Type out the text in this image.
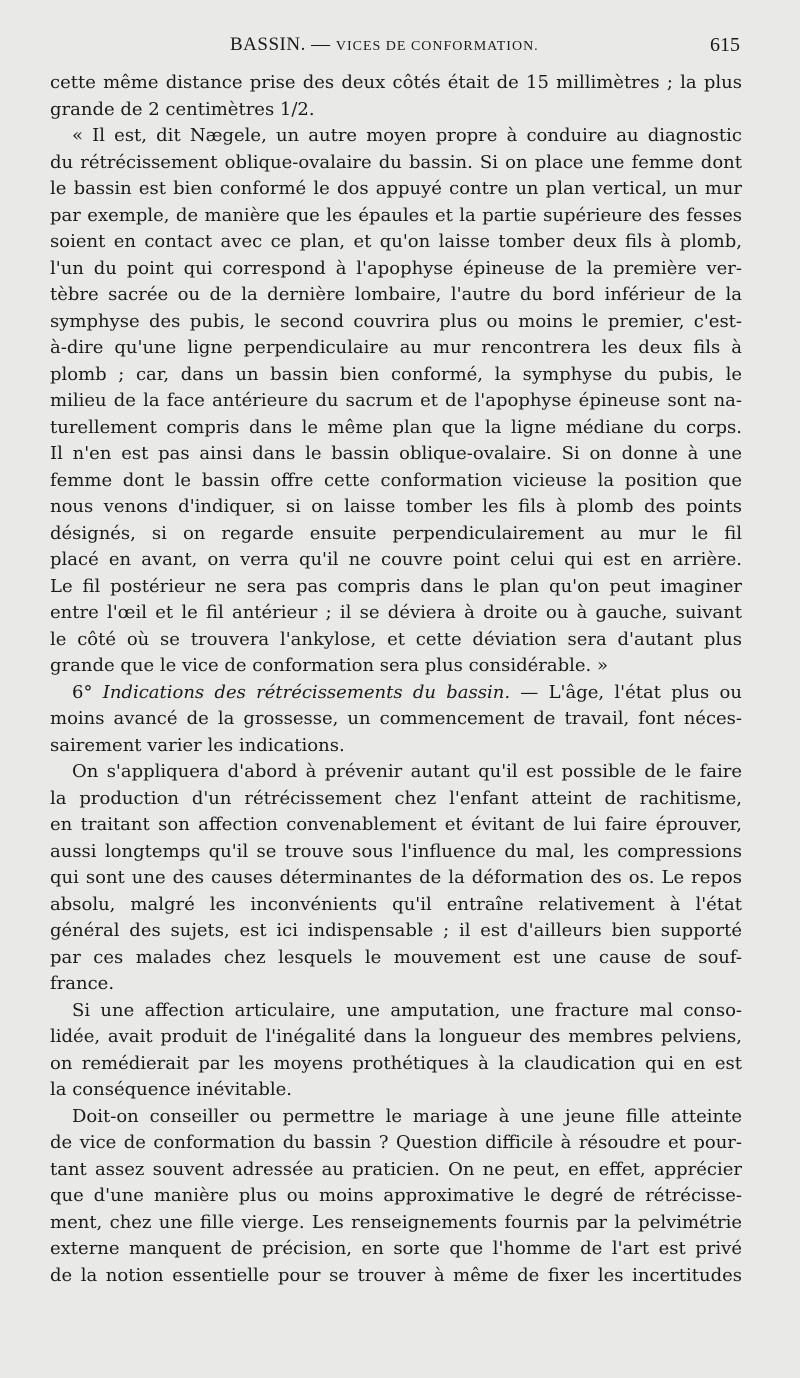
BASSIN. — VICES DE CONFORMATION.	615
cette même distance prise des deux côtés était de 15 millimètres ; la plus
grande de 2 centimètres 1/2.
« Il est, dit Nægele, un autre moyen propre à conduire au diagnostic
du rétrécissement oblique-ovalaire du bassin. Si on place une femme dont
le bassin est bien conformé le dos appuyé contre un plan vertical, un mur
par exemple, de manière que les épaules et la partie supérieure des fesses
soient en contact avec ce plan, et qu'on laisse tomber deux fils à plomb,
l'un du point qui correspond à l'apophyse épineuse de la première ver-
tèbre sacrée ou de la dernière lombaire, l'autre du bord inférieur de la
symphyse des pubis, le second couvrira plus ou moins le premier, c'est-
à-dire qu'une ligne perpendiculaire au mur rencontrera les deux fils à
plomb ; car, dans un bassin bien conformé, la symphyse du pubis, le
milieu de la face antérieure du sacrum et de l'apophyse épineuse sont na-
turellement compris dans le même plan que la ligne médiane du corps.
Il n'en est pas ainsi dans le bassin oblique-ovalaire. Si on donne à une
femme dont le bassin offre cette conformation vicieuse la position que
nous venons d'indiquer, si on laisse tomber les fils à plomb des points
désignés, si on regarde ensuite perpendiculairement au mur le fil
placé en avant, on verra qu'il ne couvre point celui qui est en arrière.
Le fil postérieur ne sera pas compris dans le plan qu'on peut imaginer
entre l'œil et le fil antérieur ; il se déviera à droite ou à gauche, suivant
le côté où se trouvera l'ankylose, et cette déviation sera d'autant plus
grande que le vice de conformation sera plus considérable. »
6° Indications des rétrécissements du bassin. — L'âge, l'état plus ou
moins avancé de la grossesse, un commencement de travail, font néces-
sairement varier les indications.
On s'appliquera d'abord à prévenir autant qu'il est possible de le faire
la production d'un rétrécissement chez l'enfant atteint de rachitisme,
en traitant son affection convenablement et évitant de lui faire éprouver,
aussi longtemps qu'il se trouve sous l'influence du mal, les compressions
qui sont une des causes déterminantes de la déformation des os. Le repos
absolu, malgré les inconvénients qu'il entraîne relativement à l'état
général des sujets, est ici indispensable ; il est d'ailleurs bien supporté
par ces malades chez lesquels le mouvement est une cause de souf-
france.
Si une affection articulaire, une amputation, une fracture mal conso-
lidée, avait produit de l'inégalité dans la longueur des membres pelviens,
on remédierait par les moyens prothétiques à la claudication qui en est
la conséquence inévitable.
Doit-on conseiller ou permettre le mariage à une jeune fille atteinte
de vice de conformation du bassin ? Question difficile à résoudre et pour-
tant assez souvent adressée au praticien. On ne peut, en effet, apprécier
que d'une manière plus ou moins approximative le degré de rétrécisse-
ment, chez une fille vierge. Les renseignements fournis par la pelvimétrie
externe manquent de précision, en sorte que l'homme de l'art est privé
de la notion essentielle pour se trouver à même de fixer les incertitudes
